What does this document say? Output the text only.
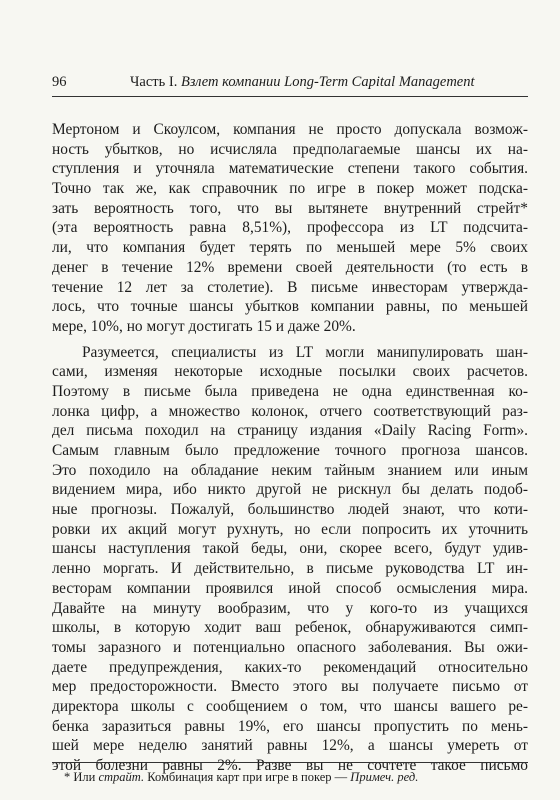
96	Часть I. Взлет компании Long-Term Capital Management
Мертоном и Скоулсом, компания не просто допускала возмож-
ность убытков, но исчисляла предполагаемые шансы их на-
ступления и уточняла математические степени такого события.
Точно так же, как справочник по игре в покер может подска-
зать вероятность того, что вы вытянете внутренний стрейт*
(эта вероятность равна 8,51%), профессора из LT подсчита-
ли, что компания будет терять по меньшей мере 5% своих
денег в течение 12% времени своей деятельности (то есть в
течение 12 лет за столетие). В письме инвесторам утвержда-
лось, что точные шансы убытков компании равны, по меньшей
мере, 10%, но могут достигать 15 и даже 20%.
Разумеется, специалисты из LT могли манипулировать шан-
сами, изменяя некоторые исходные посылки своих расчетов.
Поэтому в письме была приведена не одна единственная ко-
лонка цифр, а множество колонок, отчего соответствующий раз-
дел письма походил на страницу издания «Daily Racing Form».
Самым главным было предложение точного прогноза шансов.
Это походило на обладание неким тайным знанием или иным
видением мира, ибо никто другой не рискнул бы делать подоб-
ные прогнозы. Пожалуй, большинство людей знают, что коти-
ровки их акций могут рухнуть, но если попросить их уточнить
шансы наступления такой беды, они, скорее всего, будут удив-
ленно моргать. И действительно, в письме руководства LT ин-
весторам компании проявился иной способ осмысления мира.
Давайте на минуту вообразим, что у кого-то из учащихся
школы, в которую ходит ваш ребенок, обнаруживаются симп-
томы заразного и потенциально опасного заболевания. Вы ожи-
даете предупреждения, каких-то рекомендаций относительно
мер предосторожности. Вместо этого вы получаете письмо от
директора школы с сообщением о том, что шансы вашего ре-
бенка заразиться равны 19%, его шансы пропустить по мень-
шей мере неделю занятий равны 12%, а шансы умереть от
этой болезни равны 2%. Разве вы не сочтете такое письмо
* Или страйт. Комбинация карт при игре в покер — Примеч. ред.
